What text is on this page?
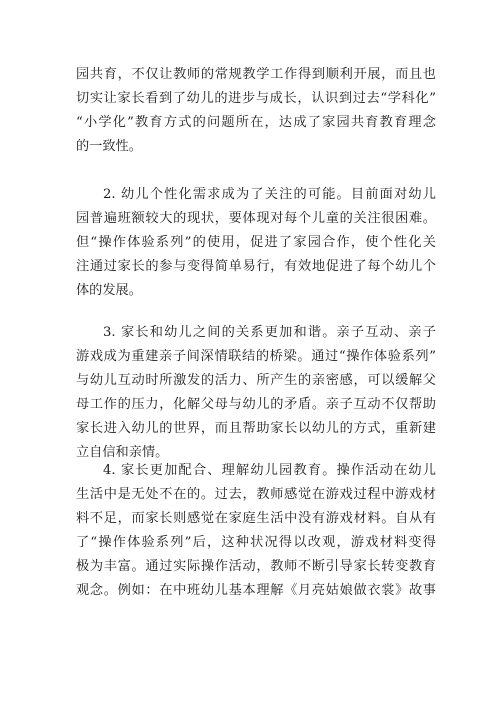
园共育，不仅让教师的常规教学工作得到顺利开展，而且也
切实让家长看到了幼儿的进步与成长，认识到过去“学科化”
“小学化”教育方式的问题所在，达成了家园共育教育理念
的一致性。
2. 幼儿个性化需求成为了关注的可能。目前面对幼儿
园普遍班额较大的现状，要体现对每个儿童的关注很困难。
但“操作体验系列”的使用，促进了家园合作，使个性化关
注通过家长的参与变得简单易行，有效地促进了每个幼儿个
体的发展。
3. 家长和幼儿之间的关系更加和谐。亲子互动、亲子
游戏成为重建亲子间深情联结的桥梁。通过“操作体验系列”
与幼儿互动时所激发的活力、所产生的亲密感，可以缓解父
母工作的压力，化解父母与幼儿的矛盾。亲子互动不仅帮助
家长进入幼儿的世界，而且帮助家长以幼儿的方式，重新建
立自信和亲情。
4. 家长更加配合、理解幼儿园教育。操作活动在幼儿
生活中是无处不在的。过去，教师感觉在游戏过程中游戏材
料不足，而家长则感觉在家庭生活中没有游戏材料。自从有
了“操作体验系列”后，这种状况得以改观，游戏材料变得
极为丰富。通过实际操作活动，教师不断引导家长转变教育
观念。例如：在中班幼儿基本理解《月亮姑娘做衣裳》故事
